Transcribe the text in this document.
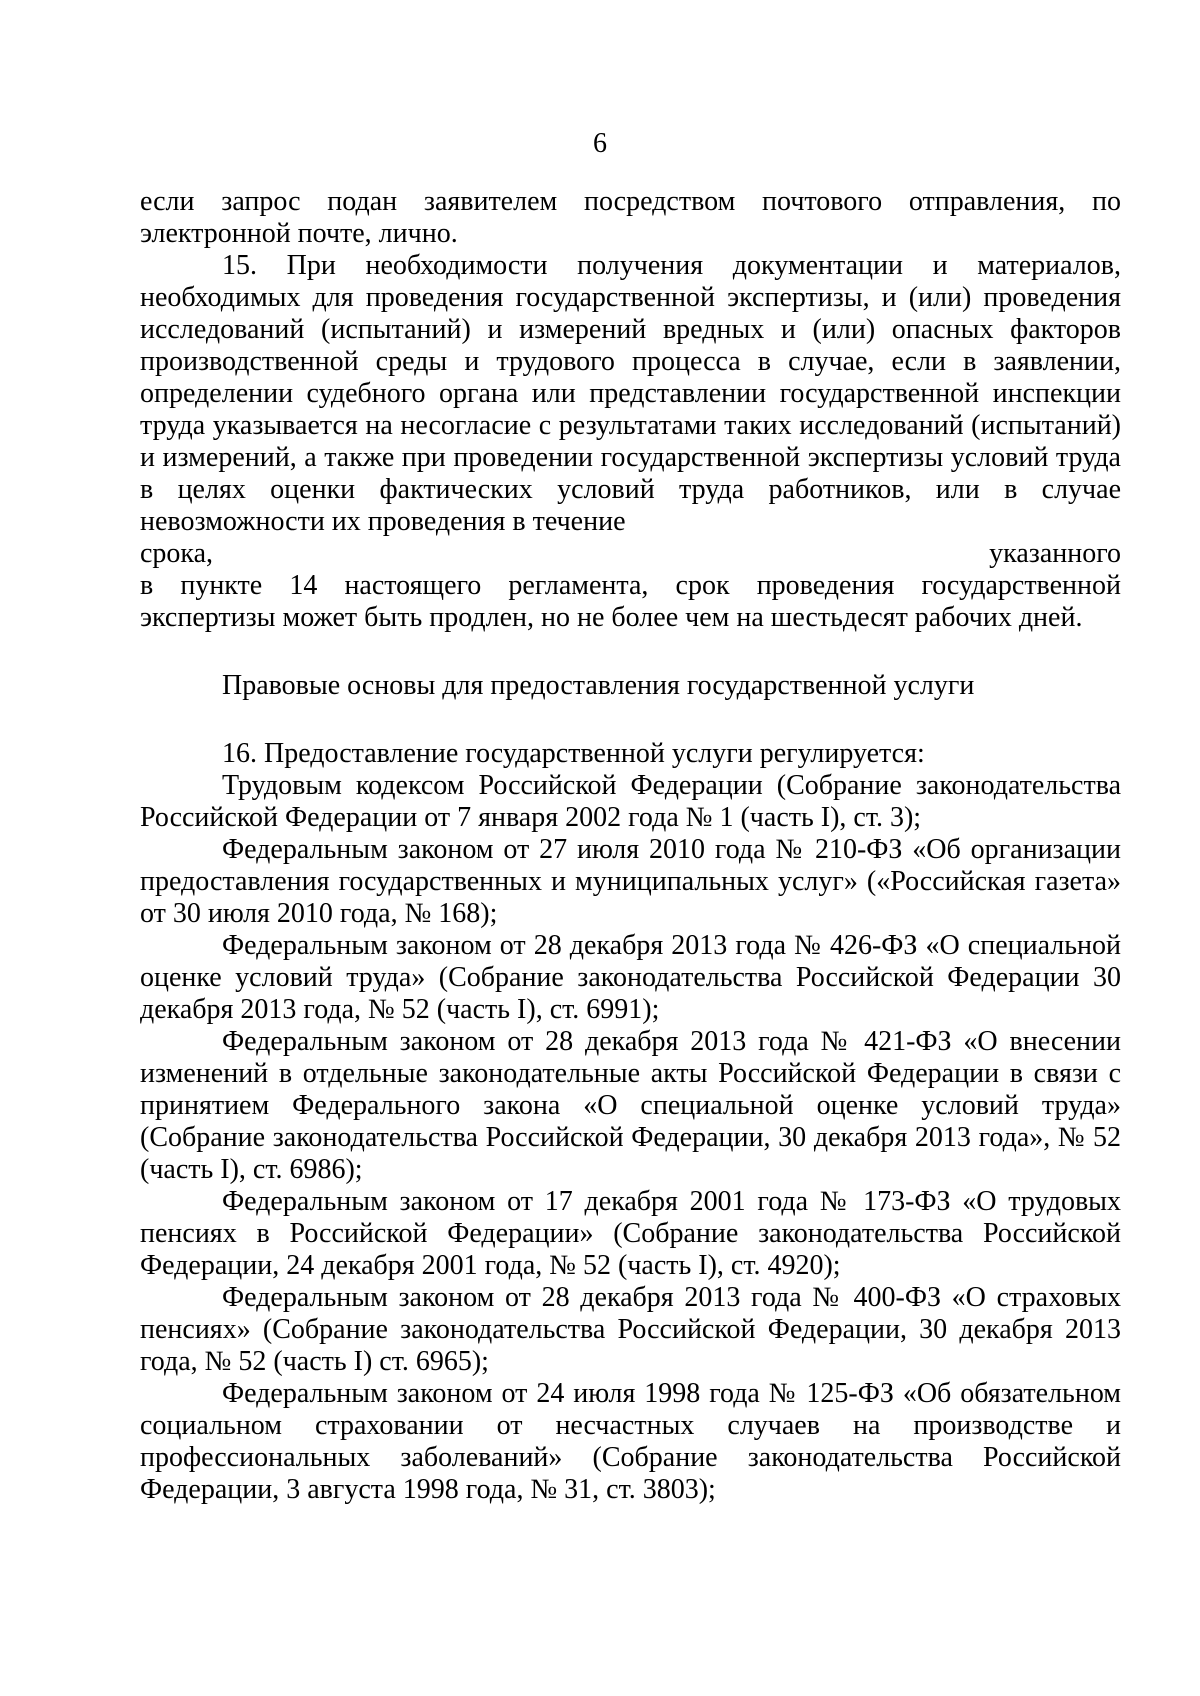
6

если запрос подан заявителем посредством почтового отправления, по электронной почте, лично.

15. При необходимости получения документации и материалов, необходимых для проведения государственной экспертизы, и (или) проведения исследований (испытаний) и измерений вредных и (или) опасных факторов производственной среды и трудового процесса в случае, если в заявлении, определении судебного органа или представлении государственной инспекции труда указывается на несогласие с результатами таких исследований (испытаний) и измерений, а также при проведении государственной экспертизы условий труда в целях оценки фактических условий труда работников, или в случае невозможности их проведения в течение

срока, указанного

в пункте 14 настоящего регламента, срок проведения государственной экспертизы может быть продлен, но не более чем на шестьдесят рабочих дней.

Правовые основы для предоставления государственной услуги

16. Предоставление государственной услуги регулируется:

Трудовым кодексом Российской Федерации (Собрание законодательства Российской Федерации от 7 января 2002 года № 1 (часть I), ст. 3);

Федеральным законом от 27 июля 2010 года № 210-ФЗ «Об организации предоставления государственных и муниципальных услуг» («Российская газета» от 30 июля 2010 года, № 168);

Федеральным законом от 28 декабря 2013 года № 426-ФЗ «О специальной оценке условий труда» (Собрание законодательства Российской Федерации 30 декабря 2013 года, № 52 (часть I), ст. 6991);

Федеральным законом от 28 декабря 2013 года № 421-ФЗ «О внесении изменений в отдельные законодательные акты Российской Федерации в связи с принятием Федерального закона «О специальной оценке условий труда» (Собрание законодательства Российской Федерации, 30 декабря 2013 года», № 52 (часть I), ст. 6986);

Федеральным законом от 17 декабря 2001 года № 173-ФЗ «О трудовых пенсиях в Российской Федерации» (Собрание законодательства Российской Федерации, 24 декабря 2001 года, № 52 (часть I), ст. 4920);

Федеральным законом от 28 декабря 2013 года № 400-ФЗ «О страховых пенсиях» (Собрание законодательства Российской Федерации, 30 декабря 2013 года, № 52 (часть I) ст. 6965);

Федеральным законом от 24 июля 1998 года № 125-ФЗ «Об обязательном социальном страховании от несчастных случаев на производстве и профессиональных заболеваний» (Собрание законодательства Российской Федерации, 3 августа 1998 года, № 31, ст. 3803);
